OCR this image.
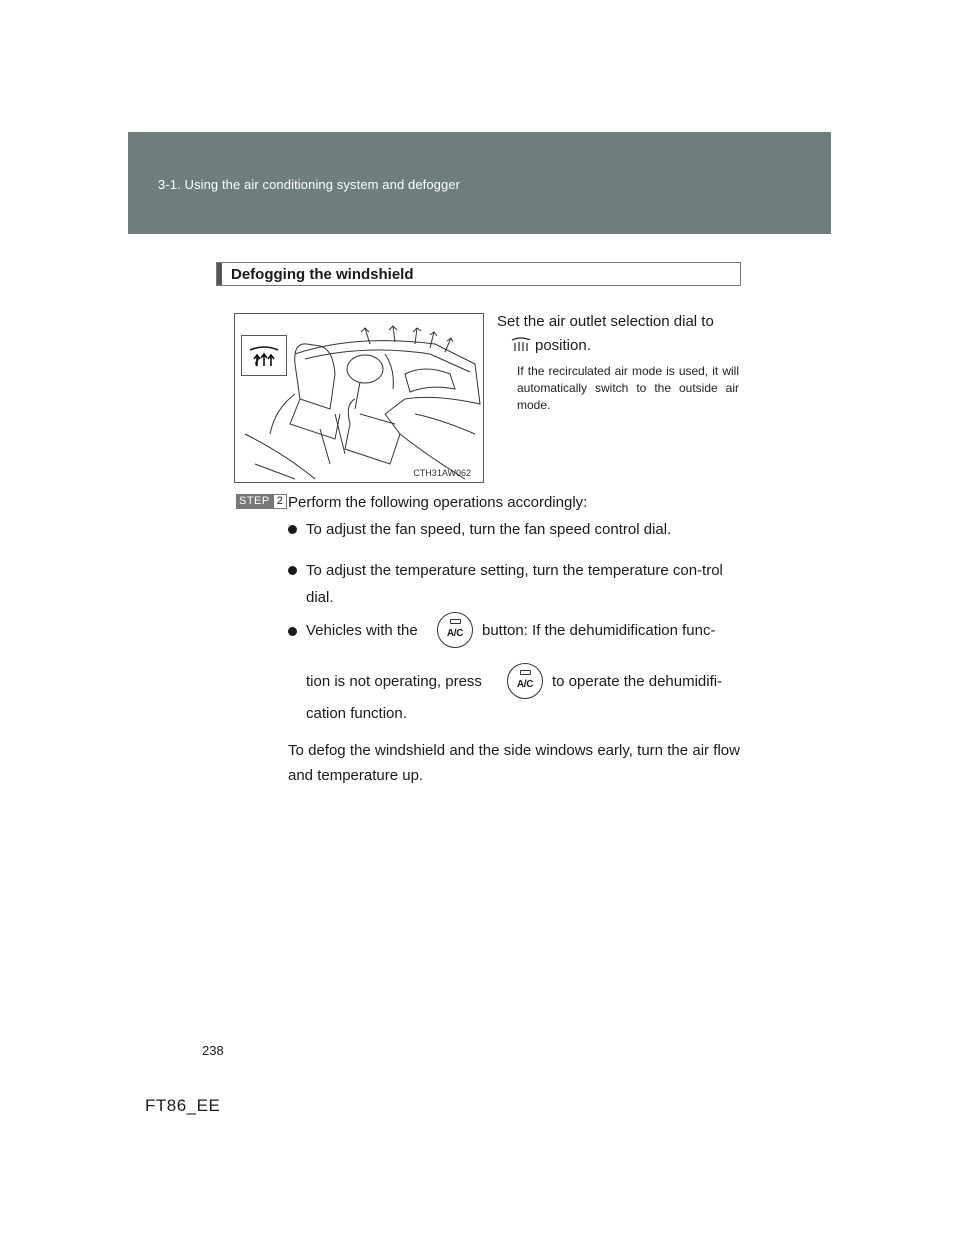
3-1. Using the air conditioning system and defogger
Defogging the windshield
CTH31AW062
Set the air outlet selection dial to
position.
If the recirculated air mode is used, it will automatically switch to the outside air mode.
STEP 2 Perform the following operations accordingly:
To adjust the fan speed, turn the fan speed control dial.
To adjust the temperature setting, turn the temperature con-trol dial.
Vehicles with the	A/C	button: If the dehumidification func-
tion is not operating, press	A/C	to operate the dehumidifi-
cation function.
To defog the windshield and the side windows early, turn the air flow and temperature up.
238
FT86_EE
